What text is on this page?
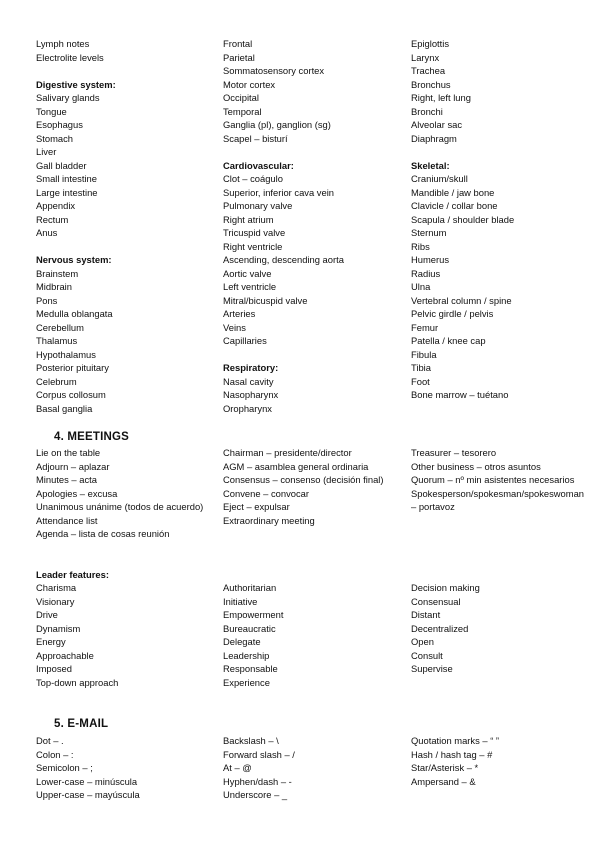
Lymph notes
Electrolite levels
Digestive system:
Salivary glands
Tongue
Esophagus
Stomach
Liver
Gall bladder
Small intestine
Large intestine
Appendix
Rectum
Anus
Nervous system:
Brainstem
Midbrain
Pons
Medulla oblangata
Cerebellum
Thalamus
Hypothalamus
Posterior pituitary
Celebrum
Corpus collosum
Basal ganglia
Frontal
Parietal
Sommatosensory cortex
Motor cortex
Occipital
Temporal
Ganglia (pl), ganglion (sg)
Scapel – bisturí
Cardiovascular:
Clot – coágulo
Superior, inferior cava vein
Pulmonary valve
Right atrium
Tricuspid valve
Right ventricle
Ascending, descending aorta
Aortic valve
Left ventricle
Mitral/bicuspid valve
Arteries
Veins
Capillaries
Respiratory:
Nasal cavity
Nasopharynx
Oropharynx
Epiglottis
Larynx
Trachea
Bronchus
Right, left lung
Bronchi
Alveolar sac
Diaphragm
Skeletal:
Cranium/skull
Mandible / jaw bone
Clavicle / collar bone
Scapula / shoulder blade
Sternum
Ribs
Humerus
Radius
Ulna
Vertebral column / spine
Pelvic girdle / pelvis
Femur
Patella / knee cap
Fibula
Tibia
Foot
Bone marrow – tuétano
4. MEETINGS
Lie on the table
Adjourn – aplazar
Minutes – acta
Apologies – excusa
Unanimous unánime (todos de acuerdo)
Attendance list
Agenda – lista de cosas reunión
Chairman – presidente/director
AGM – asamblea general ordinaria
Consensus – consenso (decisión final)
Convene – convocar
Eject – expulsar
Extraordinary meeting
Treasurer – tesorero
Other business – otros asuntos
Quorum – nº min asistentes necesarios
Spokesperson/spokesman/spokeswoman – portavoz
Leader features:
Charisma
Visionary
Drive
Dynamism
Energy
Approachable
Imposed
Top-down approach
Authoritarian
Initiative
Empowerment
Bureaucratic
Delegate
Leadership
Responsable
Experience
Decision making
Consensual
Distant
Decentralized
Open
Consult
Supervise
5. E-MAIL
Dot – .
Colon – :
Semicolon – ;
Lower-case – minúscula
Upper-case – mayúscula
Backslash – \
Forward slash – /
At – @
Hyphen/dash – -
Underscore – _
Quotation marks – “ ”
Hash / hash tag – #
Star/Asterisk – *
Ampersand – &
